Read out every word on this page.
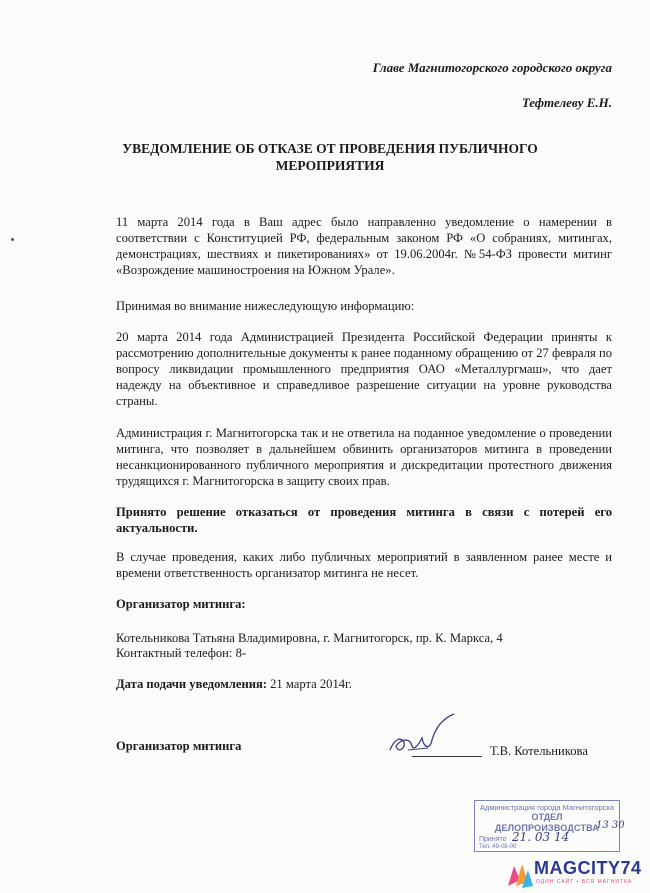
Главе Магнитогорского городского округа
Тефтелеву Е.Н.
УВЕДОМЛЕНИЕ ОБ ОТКАЗЕ ОТ ПРОВЕДЕНИЯ ПУБЛИЧНОГО
МЕРОПРИЯТИЯ
11 марта 2014 года в Ваш адрес было направленно уведомление о намерении в соответствии с Конституцией РФ, федеральным законом РФ «О собраниях, митингах, демонстрациях, шествиях и пикетированиях» от 19.06.2004г. №54-ФЗ провести митинг «Возрождение машиностроения на Южном Урале».
Принимая во внимание нижеследующую информацию:
20 марта 2014 года Администрацией Президента Российской Федерации приняты к рассмотрению дополнительные документы к ранее поданному обращению от 27 февраля по вопросу ликвидации промышленного предприятия ОАО «Металлургмаш», что дает надежду на объективное и справедливое разрешение ситуации на уровне руководства страны.
Администрация г. Магнитогорска так и не ответила на поданное уведомление о проведении митинга, что позволяет в дальнейшем обвинить организаторов митинга в проведении несанкционированного публичного мероприятия и дискредитации протестного движения трудящихся г. Магнитогорска в защиту своих прав.
Принято решение отказаться от проведения митинга в связи с потерей его актуальности.
В случае проведения, каких либо публичных мероприятий в заявленном ранее месте и времени ответственность организатор митинга не несет.
Организатор митинга:
Котельникова Татьяна Владимировна, г. Магнитогорск, пр. К. Маркса, 4
Контактный телефон: 8-
Дата подачи уведомления: 21 марта 2014г.
Организатор митинга	Т.В. Котельникова
Администрация города Магнитогорска
ОТДЕЛ
ДЕЛОПРОИЗВОДСТВА
Принято
Тел. 49-08-00
21. 03 14
13 30
MAGCITY74
ОДИН САЙТ • ВСЯ МАГНИТКА
